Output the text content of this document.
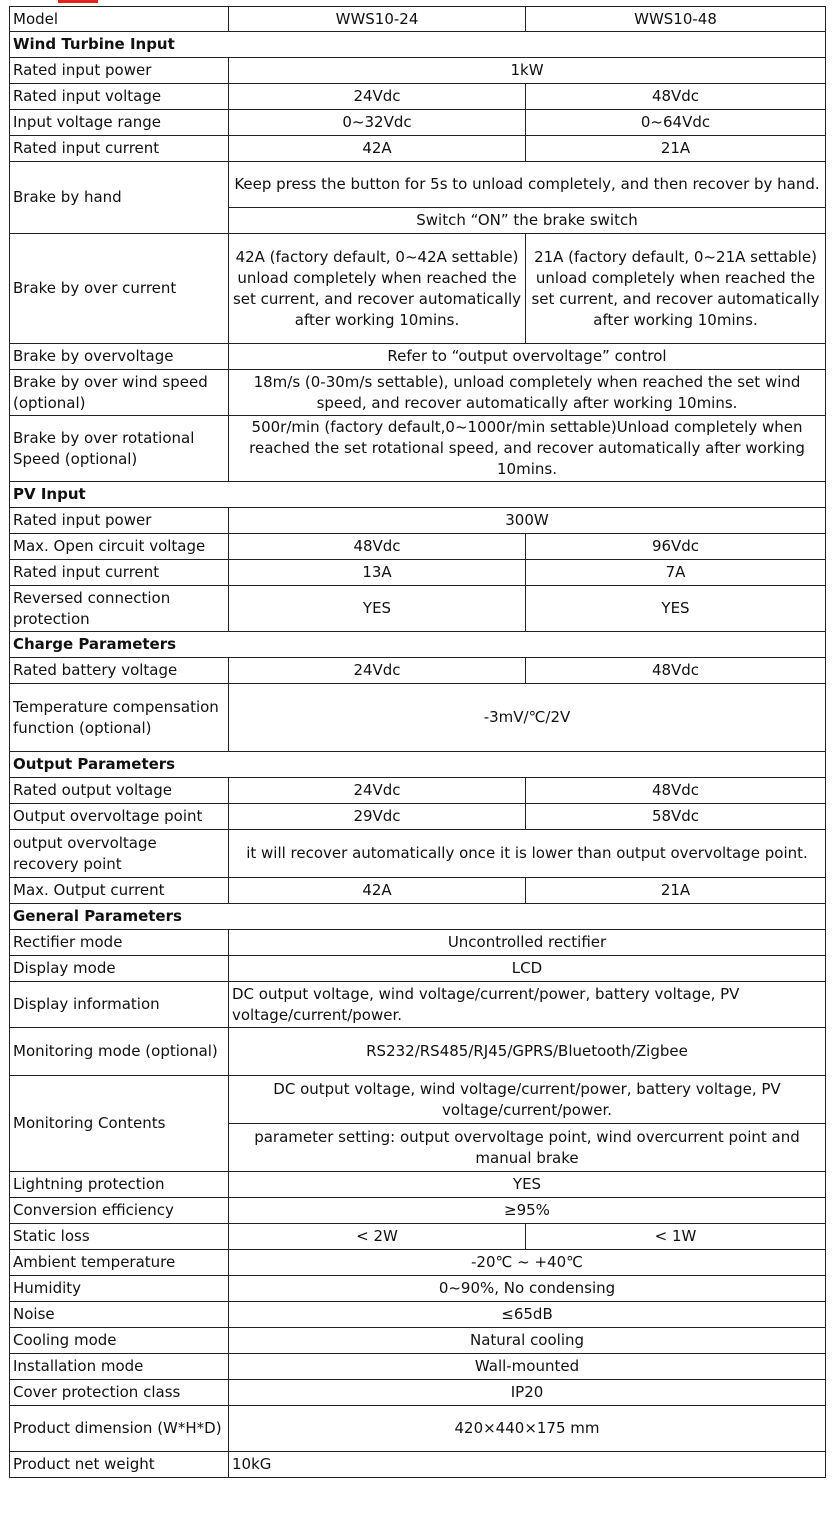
Model	WWS10-24	WWS10-48
Wind Turbine Input		
Rated input power	1kW	
Rated input voltage	24Vdc	48Vdc
Input voltage range	0~32Vdc	0~64Vdc
Rated input current	42A	21A
Brake by hand	Keep press the button for 5s to unload completely, and then recover by hand.	
	Switch “ON” the brake switch	
Brake by over current	42A (factory default, 0~42A settable) unload completely when reached the set current, and recover automatically after working 10mins.	21A (factory default, 0~21A settable) unload completely when reached the set current, and recover automatically after working 10mins.
Brake by overvoltage	Refer to “output overvoltage” control	
Brake by over wind speed (optional)	18m/s (0-30m/s settable), unload completely when reached the set wind speed, and recover automatically after working 10mins.	
Brake by over rotational Speed (optional)	500r/min (factory default,0~1000r/min settable)Unload completely when reached the set rotational speed, and recover automatically after working 10mins.	
PV Input		
Rated input power	300W	
Max. Open circuit voltage	48Vdc	96Vdc
Rated input current	13A	7A
Reversed connection protection	YES	YES
Charge Parameters		
Rated battery voltage	24Vdc	48Vdc
Temperature compensation function (optional)	-3mV/℃/2V	
Output Parameters		
Rated output voltage	24Vdc	48Vdc
Output overvoltage point	29Vdc	58Vdc
output overvoltage recovery point	it will recover automatically once it is lower than output overvoltage point.	
Max. Output current	42A	21A
General Parameters		
Rectifier mode	Uncontrolled rectifier	
Display mode	LCD	
Display information	DC output voltage, wind voltage/current/power, battery voltage, PV voltage/current/power.	
Monitoring mode (optional)	RS232/RS485/RJ45/GPRS/Bluetooth/Zigbee	
Monitoring Contents	DC output voltage, wind voltage/current/power, battery voltage, PV voltage/current/power.	
	parameter setting: output overvoltage point, wind overcurrent point and manual brake	
Lightning protection	YES	
Conversion efficiency	≥95%	
Static loss	< 2W	< 1W
Ambient temperature	-20℃ ~ +40℃	
Humidity	0~90%, No condensing	
Noise	≤65dB	
Cooling mode	Natural cooling	
Installation mode	Wall-mounted	
Cover protection class	IP20	
Product dimension (W*H*D)	420×440×175 mm	
Product net weight	10kG	
